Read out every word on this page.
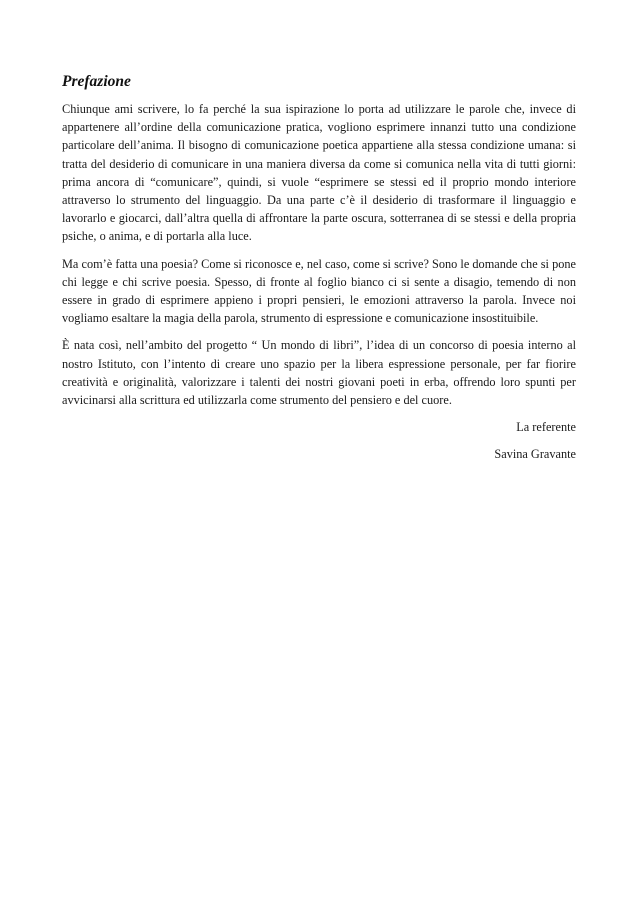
Prefazione

Chiunque ami scrivere, lo fa perché la sua ispirazione lo porta ad utilizzare le parole che, invece di appartenere all’ordine della comunicazione pratica, vogliono esprimere innanzi tutto una condizione particolare dell’anima. Il bisogno di comunicazione poetica appartiene alla stessa condizione umana: si tratta del desiderio di comunicare in una maniera diversa da come si comunica nella vita di tutti giorni: prima ancora di “comunicare”, quindi, si vuole “esprimere se stessi ed il proprio mondo interiore attraverso lo strumento del linguaggio. Da una parte c’è il desiderio di trasformare il linguaggio e lavorarlo e giocarci, dall’altra quella di affrontare la parte oscura, sotterranea di se stessi e della propria psiche, o anima, e di portarla alla luce.

Ma com’è fatta una poesia? Come si riconosce e, nel caso, come si scrive? Sono le domande che si pone chi legge e chi scrive poesia. Spesso, di fronte al foglio bianco ci si sente a disagio, temendo di non essere in grado di esprimere appieno i propri pensieri, le emozioni attraverso la parola. Invece noi vogliamo esaltare la magia della parola, strumento di espressione e comunicazione insostituibile.

È nata così, nell’ambito del progetto “ Un mondo di libri”, l’idea di un concorso di poesia interno al nostro Istituto, con l’intento di creare uno spazio per la libera espressione personale, per far fiorire creatività e originalità, valorizzare i talenti dei nostri giovani poeti in erba, offrendo loro spunti per avvicinarsi alla scrittura ed utilizzarla come strumento del pensiero e del cuore.

La referente

Savina Gravante
